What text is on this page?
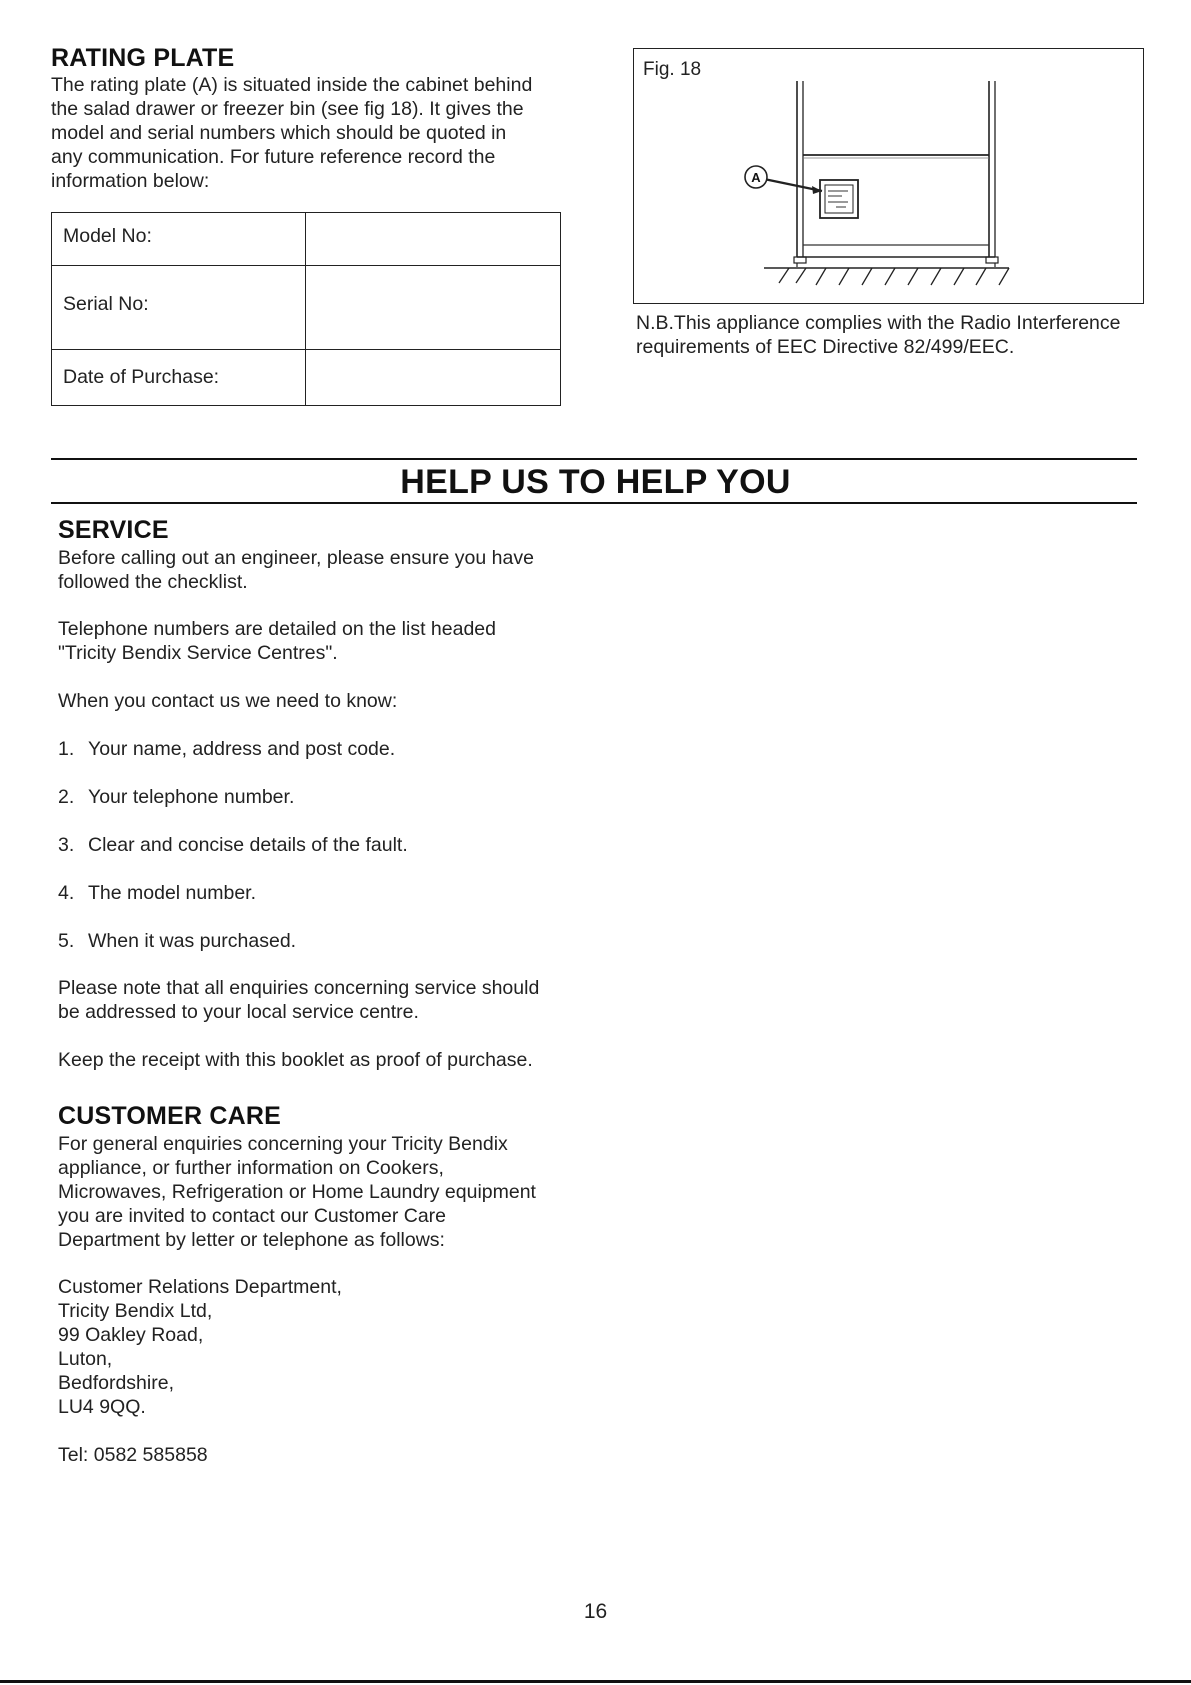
RATING PLATE
The rating plate (A) is situated inside the cabinet behind
the salad drawer or freezer bin (see fig 18). It gives the
model and serial numbers which should be quoted in
any communication. For future reference record the
information below:
Model No:
Serial No:
Date of Purchase:
Fig. 18
A
N.B.This appliance complies with the Radio Interference
requirements of EEC Directive 82/499/EEC.
HELP US TO HELP YOU
SERVICE
Before calling out an engineer, please ensure you have
followed the checklist.
Telephone numbers are detailed on the list headed
"Tricity Bendix Service Centres".
When you contact us we need to know:
1. Your name, address and post code.
2. Your telephone number.
3. Clear and concise details of the fault.
4. The model number.
5. When it was purchased.
Please note that all enquiries concerning service should
be addressed to your local service centre.
Keep the receipt with this booklet as proof of purchase.
CUSTOMER CARE
For general enquiries concerning your Tricity Bendix
appliance, or further information on Cookers,
Microwaves, Refrigeration or Home Laundry equipment
you are invited to contact our Customer Care
Department by letter or telephone as follows:
Customer Relations Department,
Tricity Bendix Ltd,
99 Oakley Road,
Luton,
Bedfordshire,
LU4 9QQ.
Tel: 0582 585858
16
